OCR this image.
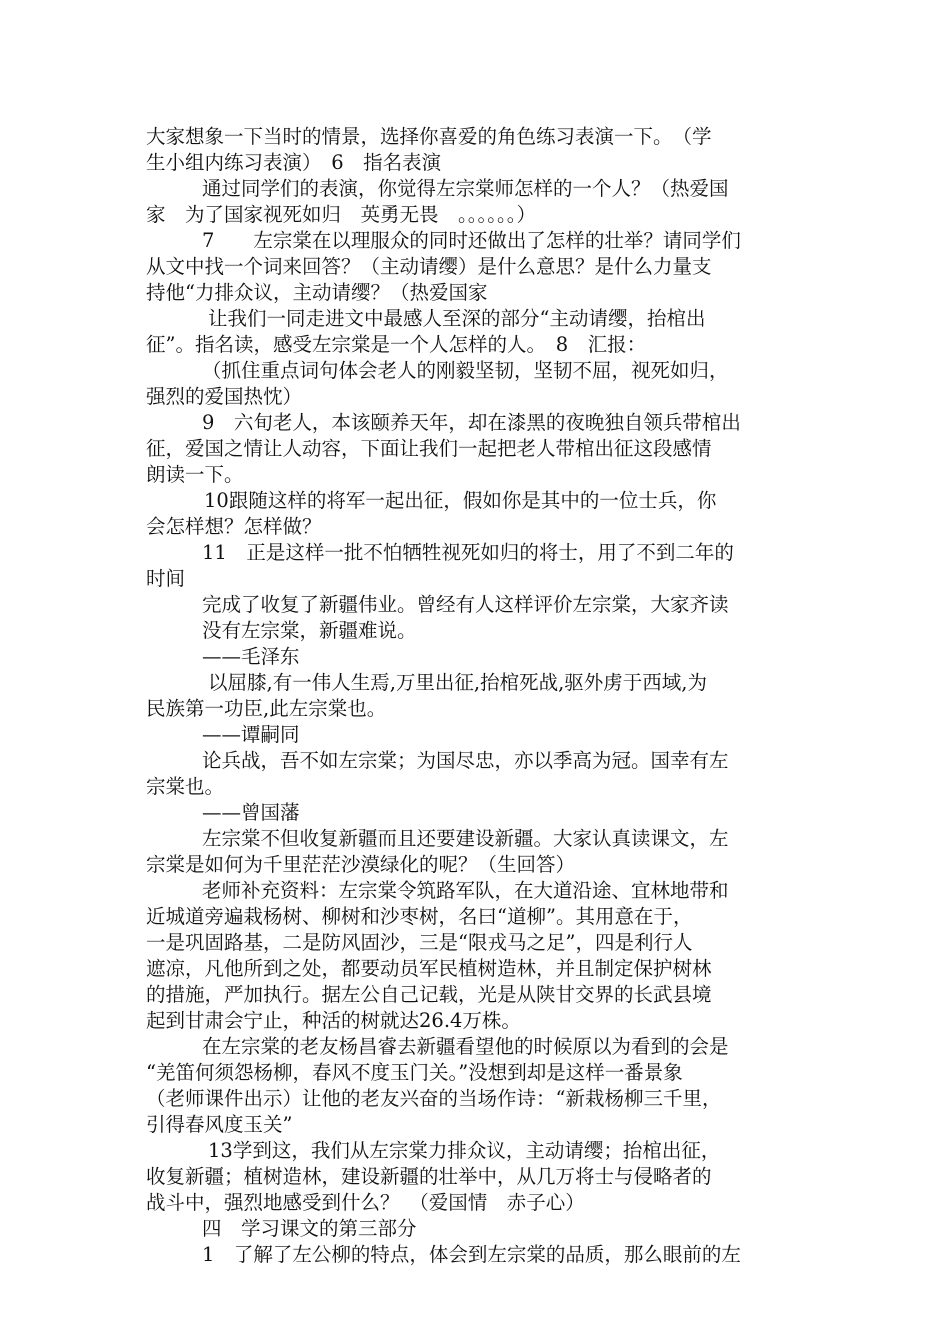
大家想象一下当时的情景，选择你喜爱的角色练习表演一下。　（学
生小组内练习表演）　6　指名表演
通过同学们的表演，你觉得左宗棠师怎样的一个人？（热爱国
家　为了国家视死如归　英勇无畏　。。。。。。）
7　　左宗棠在以理服众的同时还做出了怎样的壮举？请同学们
从文中找一个词来回答？（主动请缨）是什么意思？是什么力量支
持他“力排众议，主动请缨？（热爱国家
让我们一同走进文中最感人至深的部分“主动请缨，抬棺出
征”。指名读，感受左宗棠是一个人怎样的人。　8　汇报：
（抓住重点词句体会老人的刚毅坚韧，坚韧不屈，视死如归，
强烈的爱国热忱）
9　六旬老人，本该颐养天年，却在漆黑的夜晚独自领兵带棺出
征，爱国之情让人动容，下面让我们一起把老人带棺出征这段感情
朗读一下。
10跟随这样的将军一起出征，假如你是其中的一位士兵，你
会怎样想？怎样做？
11　正是这样一批不怕牺牲视死如归的将士，用了不到二年的
时间
完成了收复了新疆伟业。曾经有人这样评价左宗棠，大家齐读
没有左宗棠，新疆难说。
——毛泽东
以屈膝,有一伟人生焉,万里出征,抬棺死战,驱外虏于西域,为
民族第一功臣,此左宗棠也。
——谭嗣同
论兵战，吾不如左宗棠；为国尽忠，亦以季高为冠。国幸有左
宗棠也。
——曾国藩
左宗棠不但收复新疆而且还要建设新疆。大家认真读课文，左
宗棠是如何为千里茫茫沙漠绿化的呢？（生回答）
老师补充资料：左宗棠令筑路军队，在大道沿途、宜林地带和
近城道旁遍栽杨树、柳树和沙枣树，名曰“道柳”。其用意在于，
一是巩固路基，二是防风固沙，三是“限戎马之足”，四是利行人
遮凉，凡他所到之处，都要动员军民植树造林，并且制定保护树林
的措施，严加执行。据左公自己记载，光是从陕甘交界的长武县境
起到甘肃会宁止，种活的树就达26.4万株。
在左宗棠的老友杨昌睿去新疆看望他的时候原以为看到的会是
“羌笛何须怨杨柳，春风不度玉门关。”没想到却是这样一番景象
（老师课件出示）让他的老友兴奋的当场作诗：“新栽杨柳三千里，
引得春风度玉关”
13学到这，我们从左宗棠力排众议，主动请缨；抬棺出征，
收复新疆；植树造林，建设新疆的壮举中，从几万将士与侵略者的
战斗中，强烈地感受到什么？　（爱国情　赤子心）
四　学习课文的第三部分
1　了解了左公柳的特点，体会到左宗棠的品质，那么眼前的左
